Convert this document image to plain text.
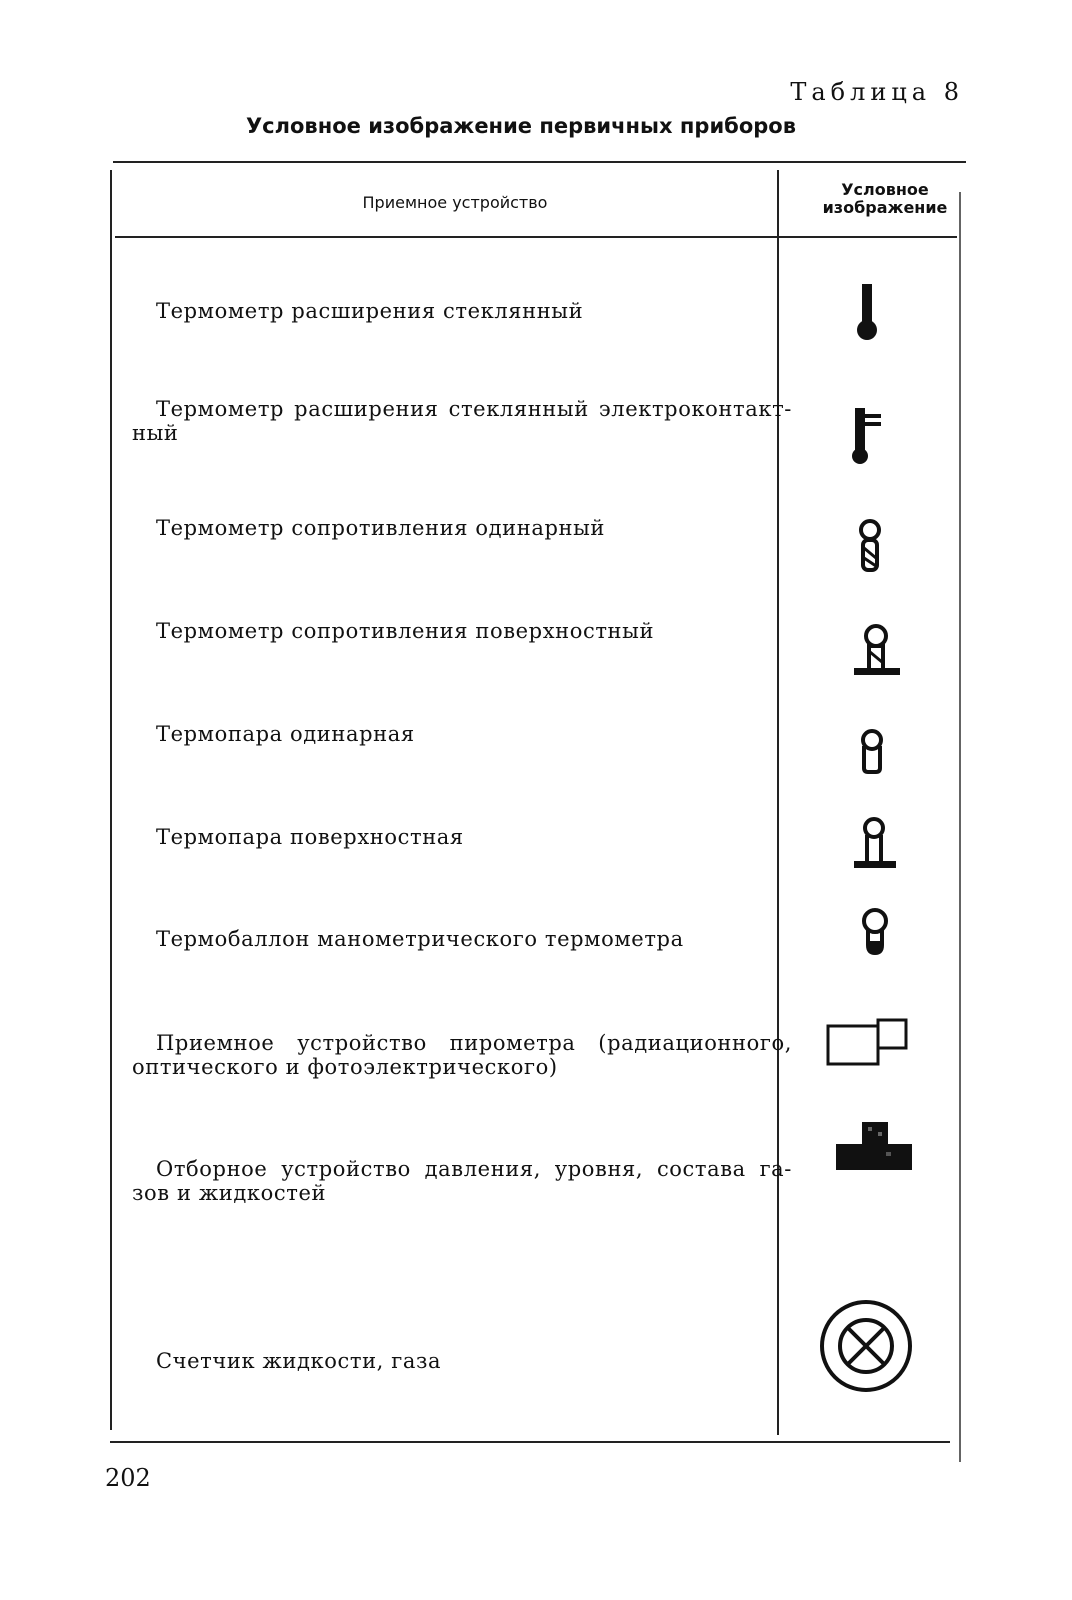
Таблица 8
Условное изображение первичных приборов
Приемное устройство
Условное
изображение
Термометр расширения стеклянный
Термометр расширения стеклянный электроконтакт-ный
Термометр сопротивления одинарный
Термометр сопротивления поверхностный
Термопара одинарная
Термопара поверхностная
Термобаллон манометрического термометра
Приемное устройство пирометра (радиационного, оптического и фотоэлектрического)
Отборное устройство давления, уровня, состава га-зов и жидкостей
Счетчик жидкости, газа
202
